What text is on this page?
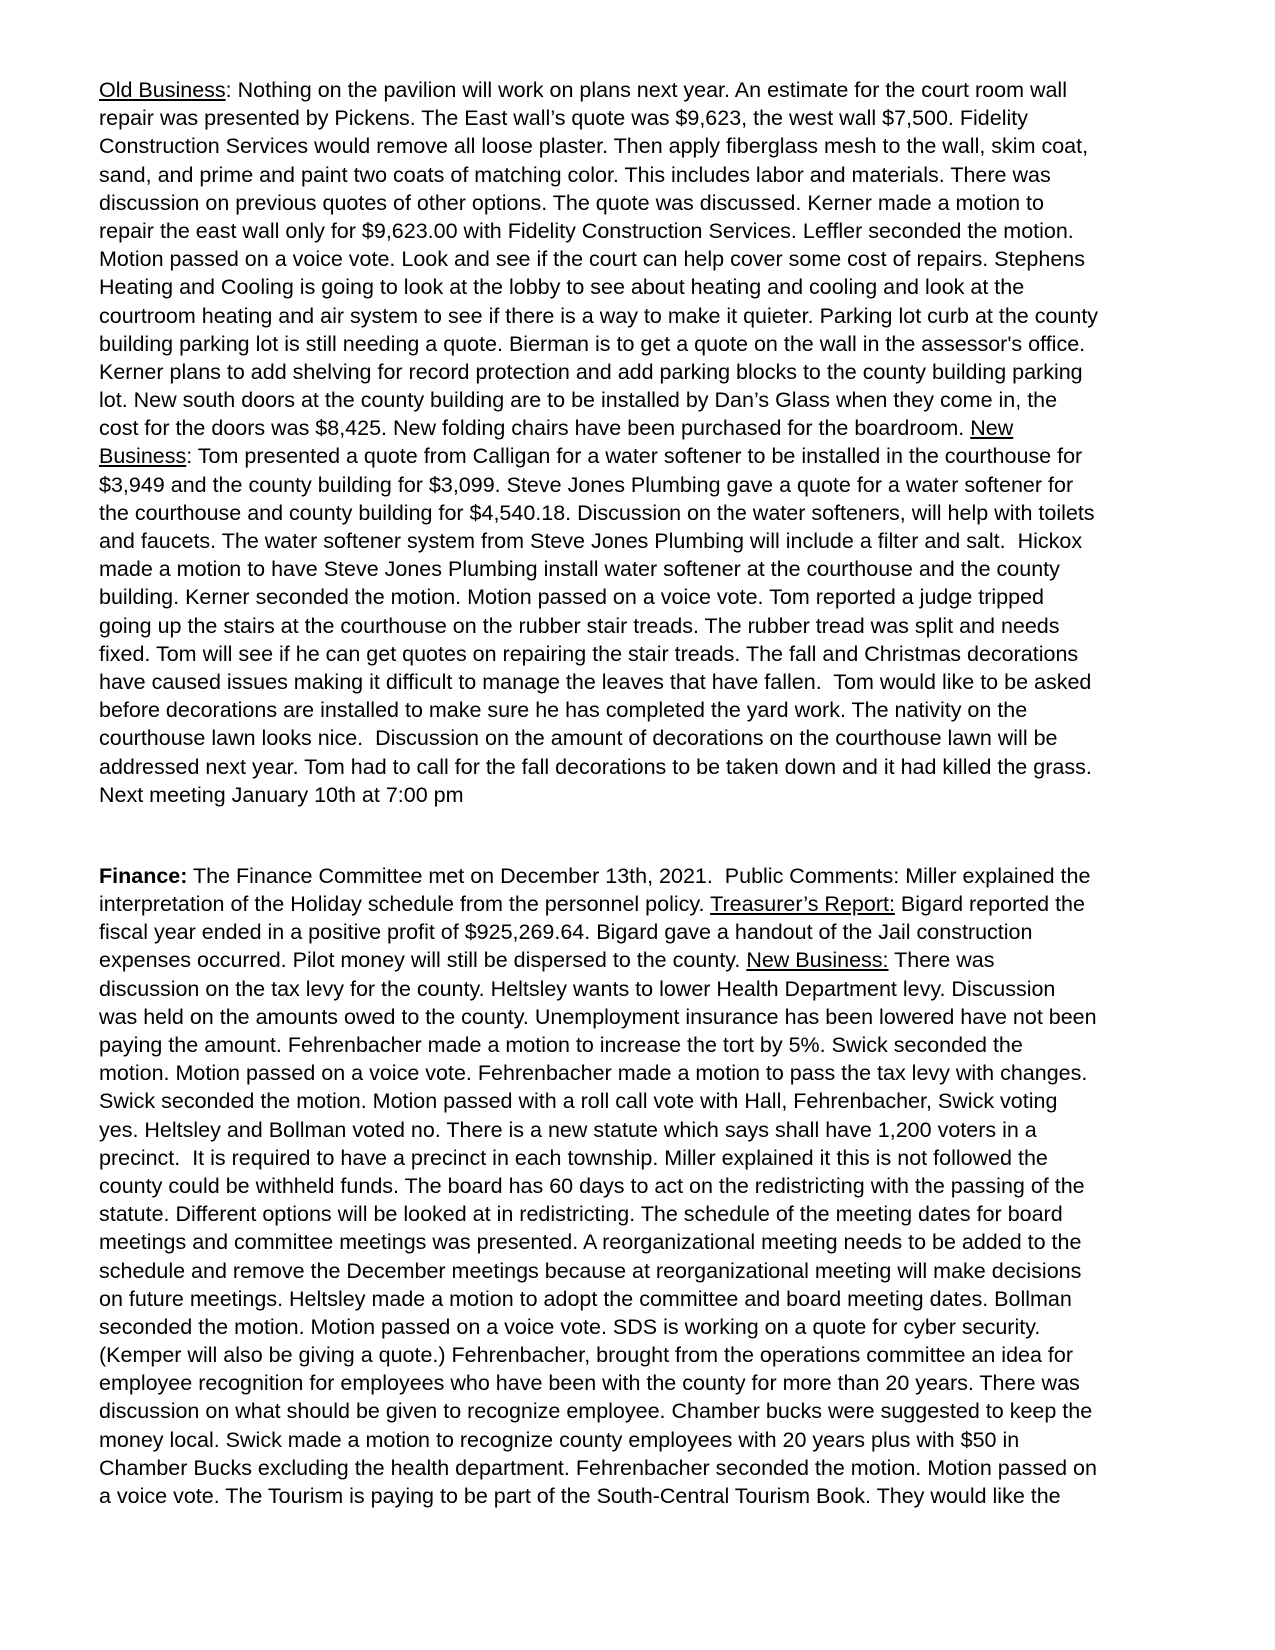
Old Business: Nothing on the pavilion will work on plans next year. An estimate for the court room wall
repair was presented by Pickens. The East wall’s quote was $9,623, the west wall $7,500. Fidelity
Construction Services would remove all loose plaster. Then apply fiberglass mesh to the wall, skim coat,
sand, and prime and paint two coats of matching color. This includes labor and materials. There was
discussion on previous quotes of other options. The quote was discussed. Kerner made a motion to
repair the east wall only for $9,623.00 with Fidelity Construction Services. Leffler seconded the motion.
Motion passed on a voice vote. Look and see if the court can help cover some cost of repairs. Stephens
Heating and Cooling is going to look at the lobby to see about heating and cooling and look at the
courtroom heating and air system to see if there is a way to make it quieter. Parking lot curb at the county
building parking lot is still needing a quote. Bierman is to get a quote on the wall in the assessor's office.
Kerner plans to add shelving for record protection and add parking blocks to the county building parking
lot. New south doors at the county building are to be installed by Dan’s Glass when they come in, the
cost for the doors was $8,425. New folding chairs have been purchased for the boardroom. New
Business: Tom presented a quote from Calligan for a water softener to be installed in the courthouse for
$3,949 and the county building for $3,099. Steve Jones Plumbing gave a quote for a water softener for
the courthouse and county building for $4,540.18. Discussion on the water softeners, will help with toilets
and faucets. The water softener system from Steve Jones Plumbing will include a filter and salt.  Hickox
made a motion to have Steve Jones Plumbing install water softener at the courthouse and the county
building. Kerner seconded the motion. Motion passed on a voice vote. Tom reported a judge tripped
going up the stairs at the courthouse on the rubber stair treads. The rubber tread was split and needs
fixed. Tom will see if he can get quotes on repairing the stair treads. The fall and Christmas decorations
have caused issues making it difficult to manage the leaves that have fallen.  Tom would like to be asked
before decorations are installed to make sure he has completed the yard work. The nativity on the
courthouse lawn looks nice.  Discussion on the amount of decorations on the courthouse lawn will be
addressed next year. Tom had to call for the fall decorations to be taken down and it had killed the grass.
Next meeting January 10th at 7:00 pm
Finance: The Finance Committee met on December 13th, 2021.  Public Comments: Miller explained the
interpretation of the Holiday schedule from the personnel policy. Treasurer’s Report: Bigard reported the
fiscal year ended in a positive profit of $925,269.64. Bigard gave a handout of the Jail construction
expenses occurred. Pilot money will still be dispersed to the county. New Business: There was
discussion on the tax levy for the county. Heltsley wants to lower Health Department levy. Discussion
was held on the amounts owed to the county. Unemployment insurance has been lowered have not been
paying the amount. Fehrenbacher made a motion to increase the tort by 5%. Swick seconded the
motion. Motion passed on a voice vote. Fehrenbacher made a motion to pass the tax levy with changes.
Swick seconded the motion. Motion passed with a roll call vote with Hall, Fehrenbacher, Swick voting
yes. Heltsley and Bollman voted no. There is a new statute which says shall have 1,200 voters in a
precinct.  It is required to have a precinct in each township. Miller explained it this is not followed the
county could be withheld funds. The board has 60 days to act on the redistricting with the passing of the
statute. Different options will be looked at in redistricting. The schedule of the meeting dates for board
meetings and committee meetings was presented. A reorganizational meeting needs to be added to the
schedule and remove the December meetings because at reorganizational meeting will make decisions
on future meetings. Heltsley made a motion to adopt the committee and board meeting dates. Bollman
seconded the motion. Motion passed on a voice vote. SDS is working on a quote for cyber security.
(Kemper will also be giving a quote.) Fehrenbacher, brought from the operations committee an idea for
employee recognition for employees who have been with the county for more than 20 years. There was
discussion on what should be given to recognize employee. Chamber bucks were suggested to keep the
money local. Swick made a motion to recognize county employees with 20 years plus with $50 in
Chamber Bucks excluding the health department. Fehrenbacher seconded the motion. Motion passed on
a voice vote. The Tourism is paying to be part of the South-Central Tourism Book. They would like the
